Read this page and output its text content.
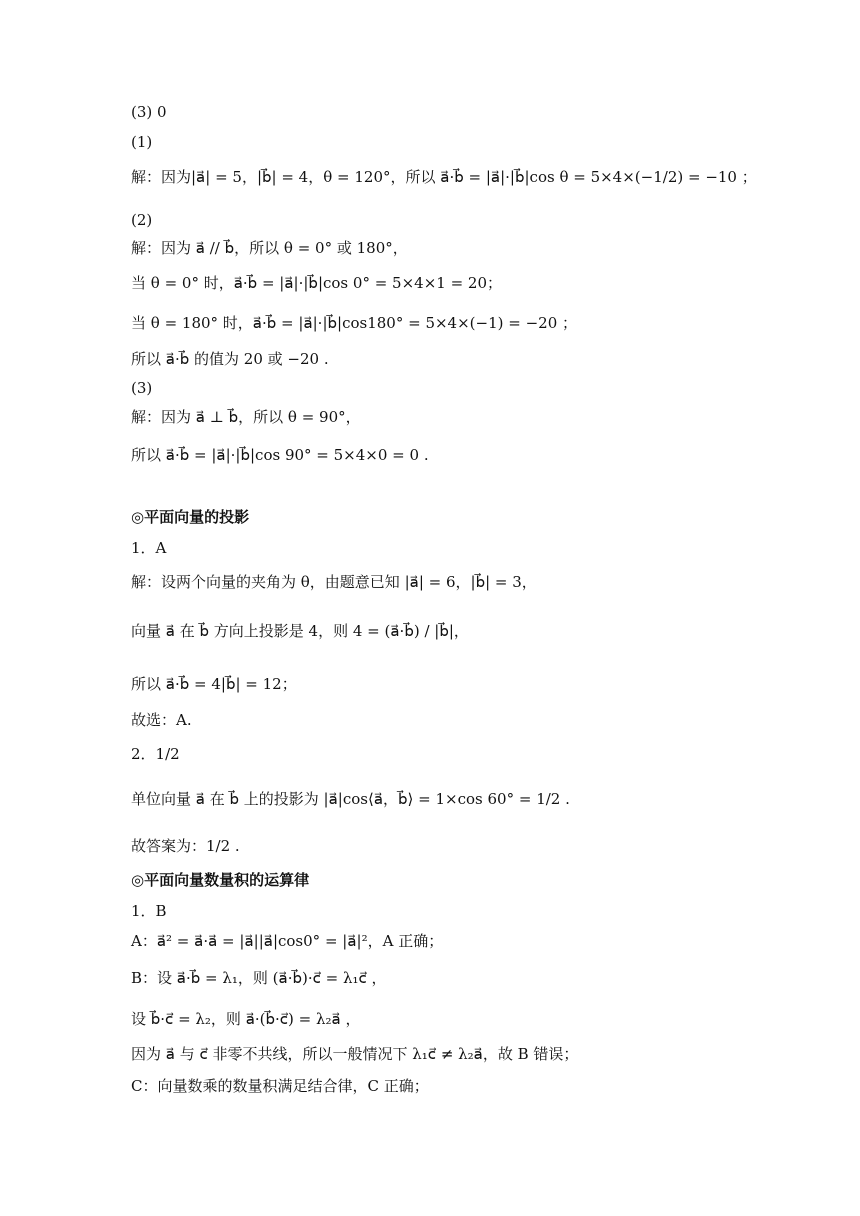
(3) 0
(1)
解：因为|a⃗| = 5，|b⃗| = 4，θ = 120°，所以 a⃗·b⃗ = |a⃗|·|b⃗|cos θ = 5×4×(−1/2) = −10 ；
(2)
解：因为 a⃗ // b⃗，所以 θ = 0° 或 180°，
当 θ = 0° 时，a⃗·b⃗ = |a⃗|·|b⃗|cos 0° = 5×4×1 = 20；
当 θ = 180° 时，a⃗·b⃗ = |a⃗|·|b⃗|cos180° = 5×4×(−1) = −20 ；
所以 a⃗·b⃗ 的值为 20 或 −20 .
(3)
解：因为 a⃗ ⊥ b⃗，所以 θ = 90°，
所以 a⃗·b⃗ = |a⃗|·|b⃗|cos 90° = 5×4×0 = 0 .
◎平面向量的投影
1．A
解：设两个向量的夹角为 θ，由题意已知 |a⃗| = 6，|b⃗| = 3，
向量 a⃗ 在 b⃗ 方向上投影是 4，则 4 = (a⃗·b⃗) / |b⃗|，
所以 a⃗·b⃗ = 4|b⃗| = 12；
故选：A.
2．1/2
单位向量 a⃗ 在 b⃗ 上的投影为 |a⃗|cos⟨a⃗，b⃗⟩ = 1×cos 60° = 1/2 .
故答案为：1/2 .
◎平面向量数量积的运算律
1．B
A：a⃗² = a⃗·a⃗ = |a⃗||a⃗|cos0° = |a⃗|²，A 正确；
B：设 a⃗·b⃗ = λ₁，则 (a⃗·b⃗)·c⃗ = λ₁c⃗ ，
设 b⃗·c⃗ = λ₂，则 a⃗·(b⃗·c⃗) = λ₂a⃗ ，
因为 a⃗ 与 c⃗ 非零不共线，所以一般情况下 λ₁c⃗ ≠ λ₂a⃗，故 B 错误；
C：向量数乘的数量积满足结合律，C 正确；
